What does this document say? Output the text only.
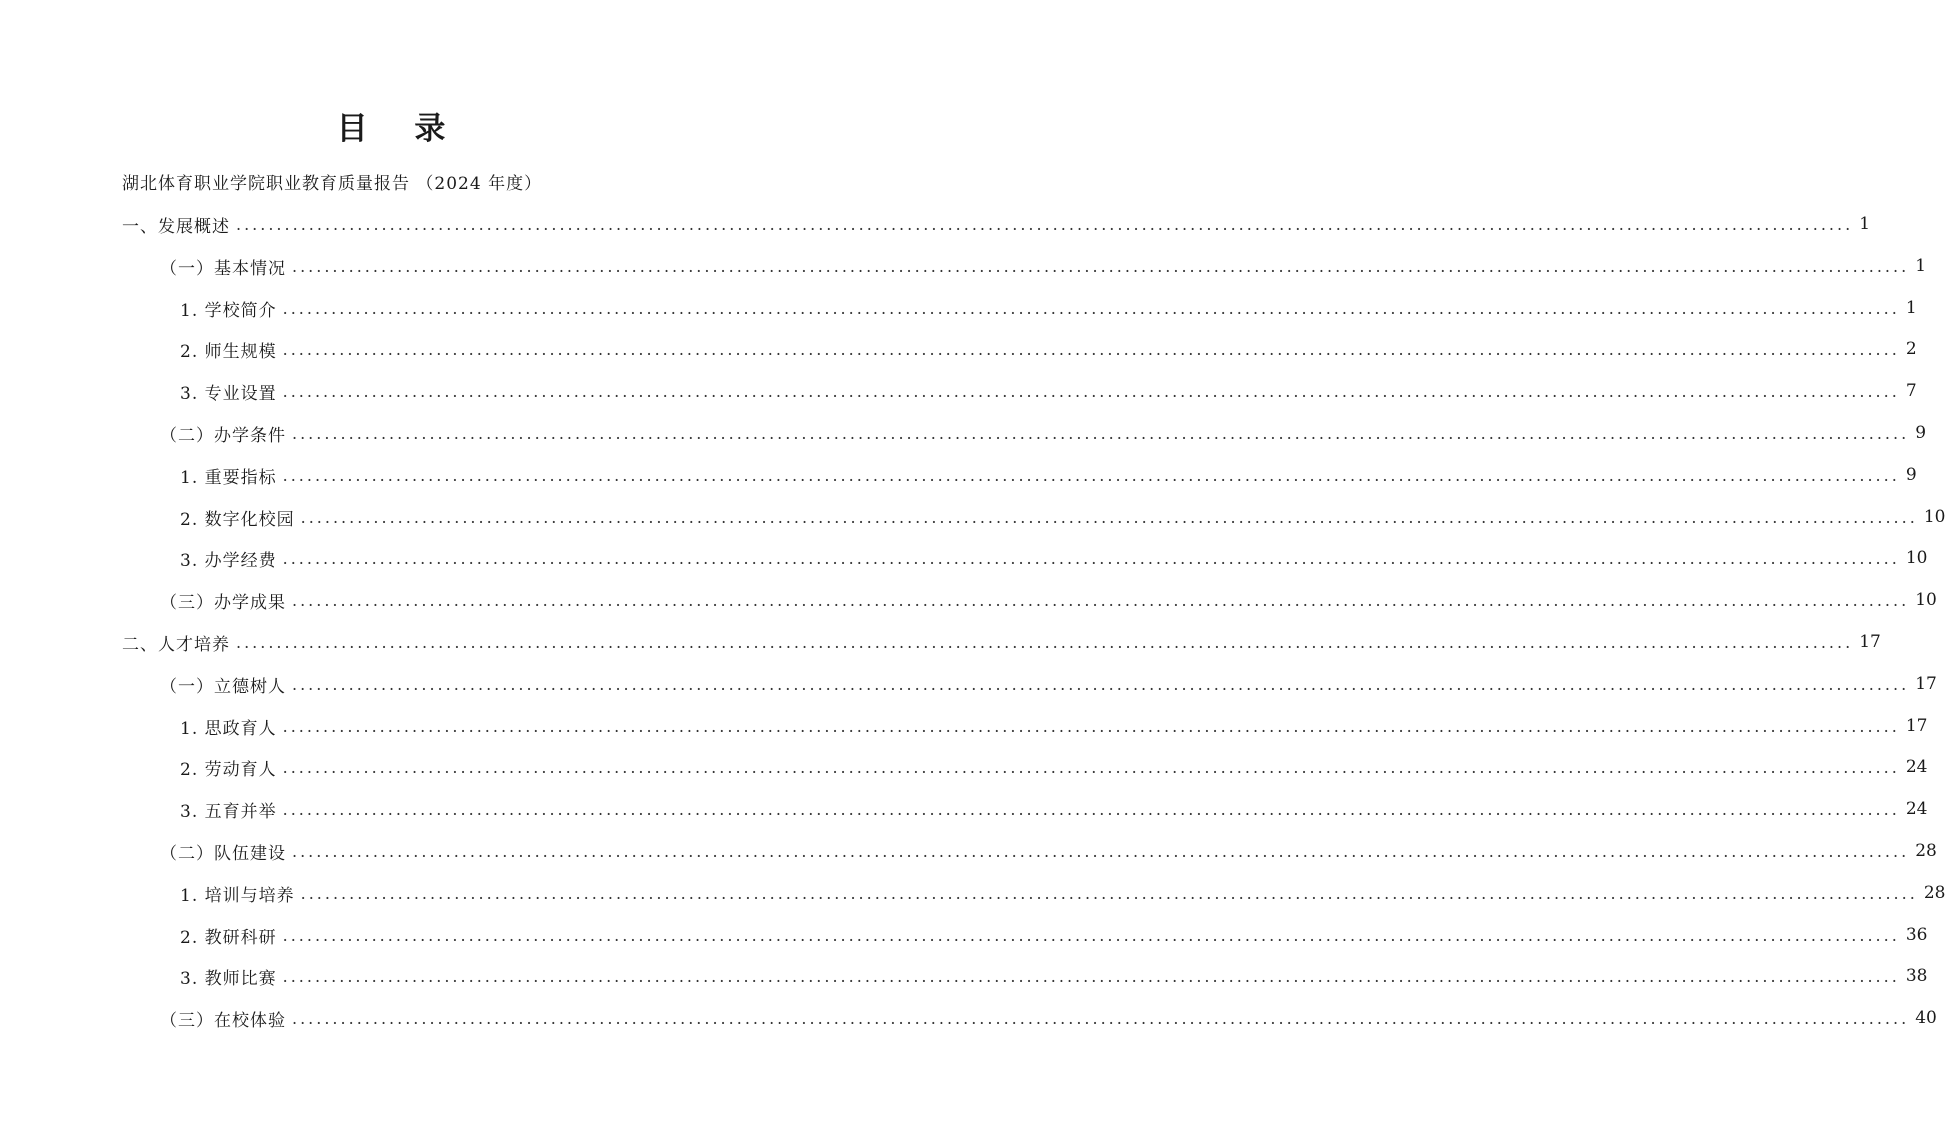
目 录
湖北体育职业学院职业教育质量报告 （2024 年度）
一、发展概述 ........................................................................................................................................................................................................ 1
（一）基本情况 ........................................................................................................................................................................................................ 1
1. 学校简介 ........................................................................................................................................................................................................ 1
2. 师生规模 ........................................................................................................................................................................................................ 2
3. 专业设置 ........................................................................................................................................................................................................ 7
（二）办学条件 ........................................................................................................................................................................................................ 9
1. 重要指标 ........................................................................................................................................................................................................ 9
2. 数字化校园 ........................................................................................................................................................................................................ 10
3. 办学经费 ........................................................................................................................................................................................................ 10
（三）办学成果 ........................................................................................................................................................................................................ 10
二、人才培养 ........................................................................................................................................................................................................ 17
（一）立德树人 ........................................................................................................................................................................................................ 17
1. 思政育人 ........................................................................................................................................................................................................ 17
2. 劳动育人 ........................................................................................................................................................................................................ 24
3. 五育并举 ........................................................................................................................................................................................................ 24
（二）队伍建设 ........................................................................................................................................................................................................ 28
1. 培训与培养 ........................................................................................................................................................................................................ 28
2. 教研科研 ........................................................................................................................................................................................................ 36
3. 教师比赛 ........................................................................................................................................................................................................ 38
（三）在校体验 ........................................................................................................................................................................................................ 40
